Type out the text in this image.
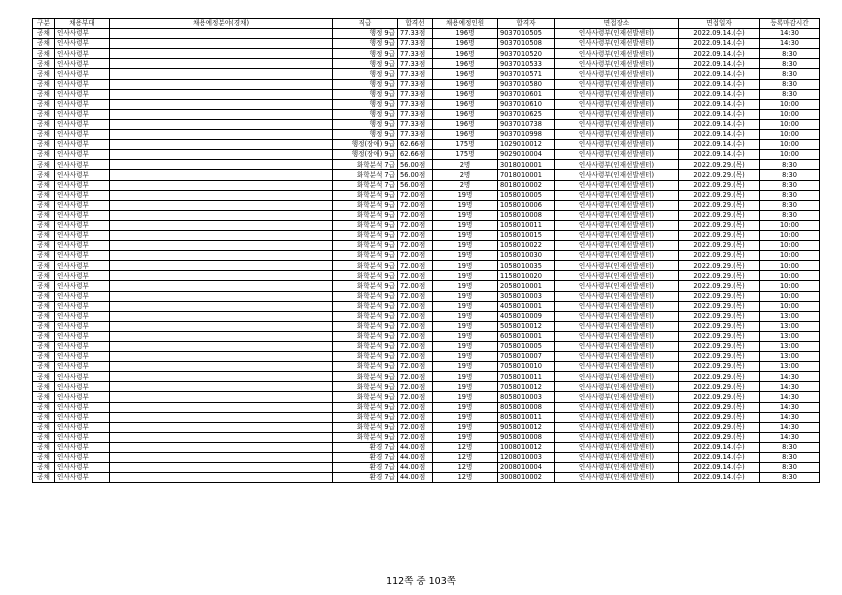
구분	채용부대	채용예정분야(경채)	직급	합격선	채용예정인원	합격자	면접장소	면접일자	등록마감시간
공채	인사사령부		행정 9급	77.33점	196명	9037010505	인사사령부(인재선발센터)	2022.09.14.(수)	14:30
공채	인사사령부		행정 9급	77.33점	196명	9037010508	인사사령부(인재선발센터)	2022.09.14.(수)	14:30
공채	인사사령부		행정 9급	77.33점	196명	9037010520	인사사령부(인재선발센터)	2022.09.14.(수)	8:30
공채	인사사령부		행정 9급	77.33점	196명	9037010533	인사사령부(인재선발센터)	2022.09.14.(수)	8:30
공채	인사사령부		행정 9급	77.33점	196명	9037010571	인사사령부(인재선발센터)	2022.09.14.(수)	8:30
공채	인사사령부		행정 9급	77.33점	196명	9037010580	인사사령부(인재선발센터)	2022.09.14.(수)	8:30
공채	인사사령부		행정 9급	77.33점	196명	9037010601	인사사령부(인재선발센터)	2022.09.14.(수)	8:30
공채	인사사령부		행정 9급	77.33점	196명	9037010610	인사사령부(인재선발센터)	2022.09.14.(수)	10:00
공채	인사사령부		행정 9급	77.33점	196명	9037010625	인사사령부(인재선발센터)	2022.09.14.(수)	10:00
공채	인사사령부		행정 9급	77.33점	196명	9037010738	인사사령부(인재선발센터)	2022.09.14.(수)	10:00
공채	인사사령부		행정 9급	77.33점	196명	9037010998	인사사령부(인재선발센터)	2022.09.14.(수)	10:00
공채	인사사령부		행정(장애) 9급	62.66점	175명	1029010012	인사사령부(인재선발센터)	2022.09.14.(수)	10:00
공채	인사사령부		행정(장애) 9급	62.66점	175명	9029010004	인사사령부(인재선발센터)	2022.09.14.(수)	10:00
공채	인사사령부		화학분석 7급	56.00점	2명	3018010001	인사사령부(인재선발센터)	2022.09.29.(목)	8:30
공채	인사사령부		화학분석 7급	56.00점	2명	7018010001	인사사령부(인재선발센터)	2022.09.29.(목)	8:30
공채	인사사령부		화학분석 7급	56.00점	2명	8018010002	인사사령부(인재선발센터)	2022.09.29.(목)	8:30
공채	인사사령부		화학분석 9급	72.00점	19명	1058010005	인사사령부(인재선발센터)	2022.09.29.(목)	8:30
공채	인사사령부		화학분석 9급	72.00점	19명	1058010006	인사사령부(인재선발센터)	2022.09.29.(목)	8:30
공채	인사사령부		화학분석 9급	72.00점	19명	1058010008	인사사령부(인재선발센터)	2022.09.29.(목)	8:30
공채	인사사령부		화학분석 9급	72.00점	19명	1058010011	인사사령부(인재선발센터)	2022.09.29.(목)	10:00
공채	인사사령부		화학분석 9급	72.00점	19명	1058010015	인사사령부(인재선발센터)	2022.09.29.(목)	10:00
공채	인사사령부		화학분석 9급	72.00점	19명	1058010022	인사사령부(인재선발센터)	2022.09.29.(목)	10:00
공채	인사사령부		화학분석 9급	72.00점	19명	1058010030	인사사령부(인재선발센터)	2022.09.29.(목)	10:00
공채	인사사령부		화학분석 9급	72.00점	19명	1058010035	인사사령부(인재선발센터)	2022.09.29.(목)	10:00
공채	인사사령부		화학분석 9급	72.00점	19명	1158010020	인사사령부(인재선발센터)	2022.09.29.(목)	10:00
공채	인사사령부		화학분석 9급	72.00점	19명	2058010001	인사사령부(인재선발센터)	2022.09.29.(목)	10:00
공채	인사사령부		화학분석 9급	72.00점	19명	3058010003	인사사령부(인재선발센터)	2022.09.29.(목)	10:00
공채	인사사령부		화학분석 9급	72.00점	19명	4058010001	인사사령부(인재선발센터)	2022.09.29.(목)	10:00
공채	인사사령부		화학분석 9급	72.00점	19명	4058010009	인사사령부(인재선발센터)	2022.09.29.(목)	13:00
공채	인사사령부		화학분석 9급	72.00점	19명	5058010012	인사사령부(인재선발센터)	2022.09.29.(목)	13:00
공채	인사사령부		화학분석 9급	72.00점	19명	6058010001	인사사령부(인재선발센터)	2022.09.29.(목)	13:00
공채	인사사령부		화학분석 9급	72.00점	19명	7058010005	인사사령부(인재선발센터)	2022.09.29.(목)	13:00
공채	인사사령부		화학분석 9급	72.00점	19명	7058010007	인사사령부(인재선발센터)	2022.09.29.(목)	13:00
공채	인사사령부		화학분석 9급	72.00점	19명	7058010010	인사사령부(인재선발센터)	2022.09.29.(목)	13:00
공채	인사사령부		화학분석 9급	72.00점	19명	7058010011	인사사령부(인재선발센터)	2022.09.29.(목)	14:30
공채	인사사령부		화학분석 9급	72.00점	19명	7058010012	인사사령부(인재선발센터)	2022.09.29.(목)	14:30
공채	인사사령부		화학분석 9급	72.00점	19명	8058010003	인사사령부(인재선발센터)	2022.09.29.(목)	14:30
공채	인사사령부		화학분석 9급	72.00점	19명	8058010008	인사사령부(인재선발센터)	2022.09.29.(목)	14:30
공채	인사사령부		화학분석 9급	72.00점	19명	8058010011	인사사령부(인재선발센터)	2022.09.29.(목)	14:30
공채	인사사령부		화학분석 9급	72.00점	19명	9058010012	인사사령부(인재선발센터)	2022.09.29.(목)	14:30
공채	인사사령부		화학분석 9급	72.00점	19명	9058010008	인사사령부(인재선발센터)	2022.09.29.(목)	14:30
공채	인사사령부		환경 7급	44.00점	12명	1008010012	인사사령부(인재선발센터)	2022.09.14.(수)	8:30
공채	인사사령부		환경 7급	44.00점	12명	1208010003	인사사령부(인재선발센터)	2022.09.14.(수)	8:30
공채	인사사령부		환경 7급	44.00점	12명	2008010004	인사사령부(인재선발센터)	2022.09.14.(수)	8:30
공채	인사사령부		환경 7급	44.00점	12명	3008010002	인사사령부(인재선발센터)	2022.09.14.(수)	8:30
112쪽 중 103쪽
